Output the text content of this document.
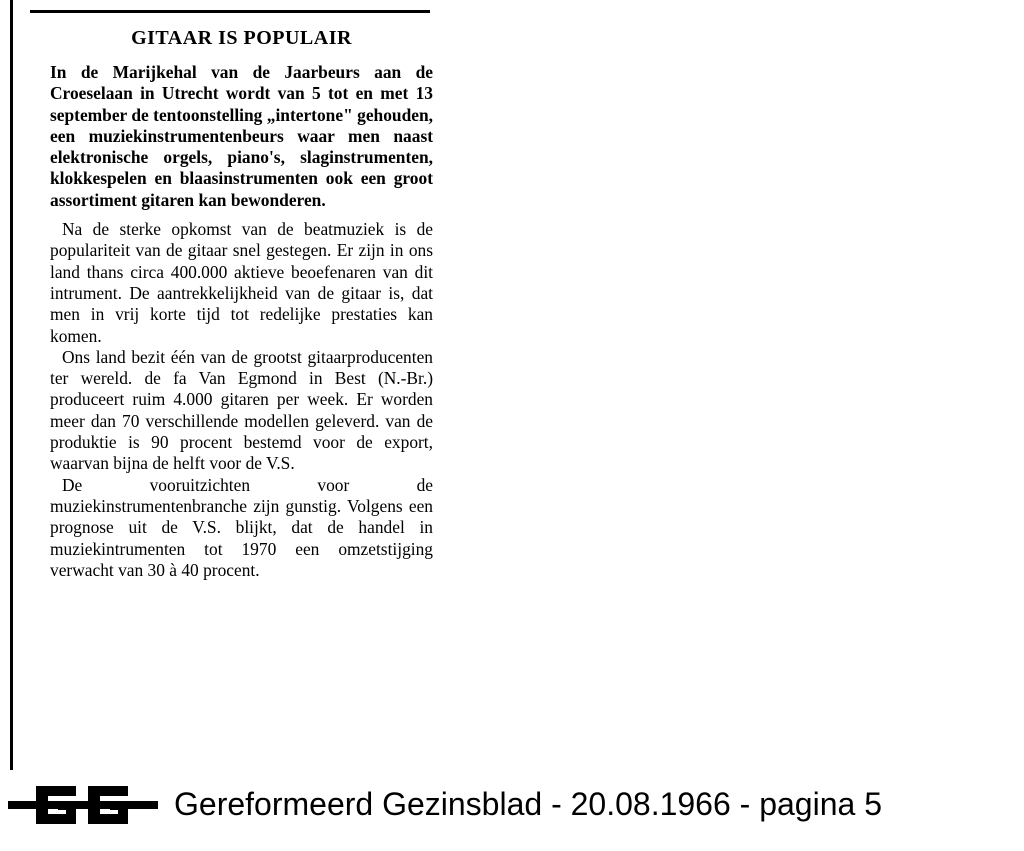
GITAAR IS POPULAIR

In de Marijkehal van de Jaarbeurs aan de Croeselaan in Utrecht wordt van 5 tot en met 13 september de tentoonstelling „intertone" gehouden, een muziekinstrumentenbeurs waar men naast elektronische orgels, piano's, slaginstrumenten, klokkespelen en blaasinstrumenten ook een groot assortiment gitaren kan bewonderen.

Na de sterke opkomst van de beatmuziek is de populariteit van de gitaar snel gestegen. Er zijn in ons land thans circa 400.000 aktieve beoefenaren van dit intrument. De aantrekkelijkheid van de gitaar is, dat men in vrij korte tijd tot redelijke prestaties kan komen.

Ons land bezit één van de grootst gitaarproducenten ter wereld. de fa Van Egmond in Best (N.-Br.) produceert ruim 4.000 gitaren per week. Er worden meer dan 70 verschillende modellen geleverd. van de produktie is 90 procent bestemd voor de export, waarvan bijna de helft voor de V.S.

De vooruitzichten voor de muziekinstrumentenbranche zijn gunstig. Volgens een prognose uit de V.S. blijkt, dat de handel in muziekintrumenten tot 1970 een omzetstijging verwacht van 30 à 40 procent.

Gereformeerd Gezinsblad - 20.08.1966 - pagina 5
